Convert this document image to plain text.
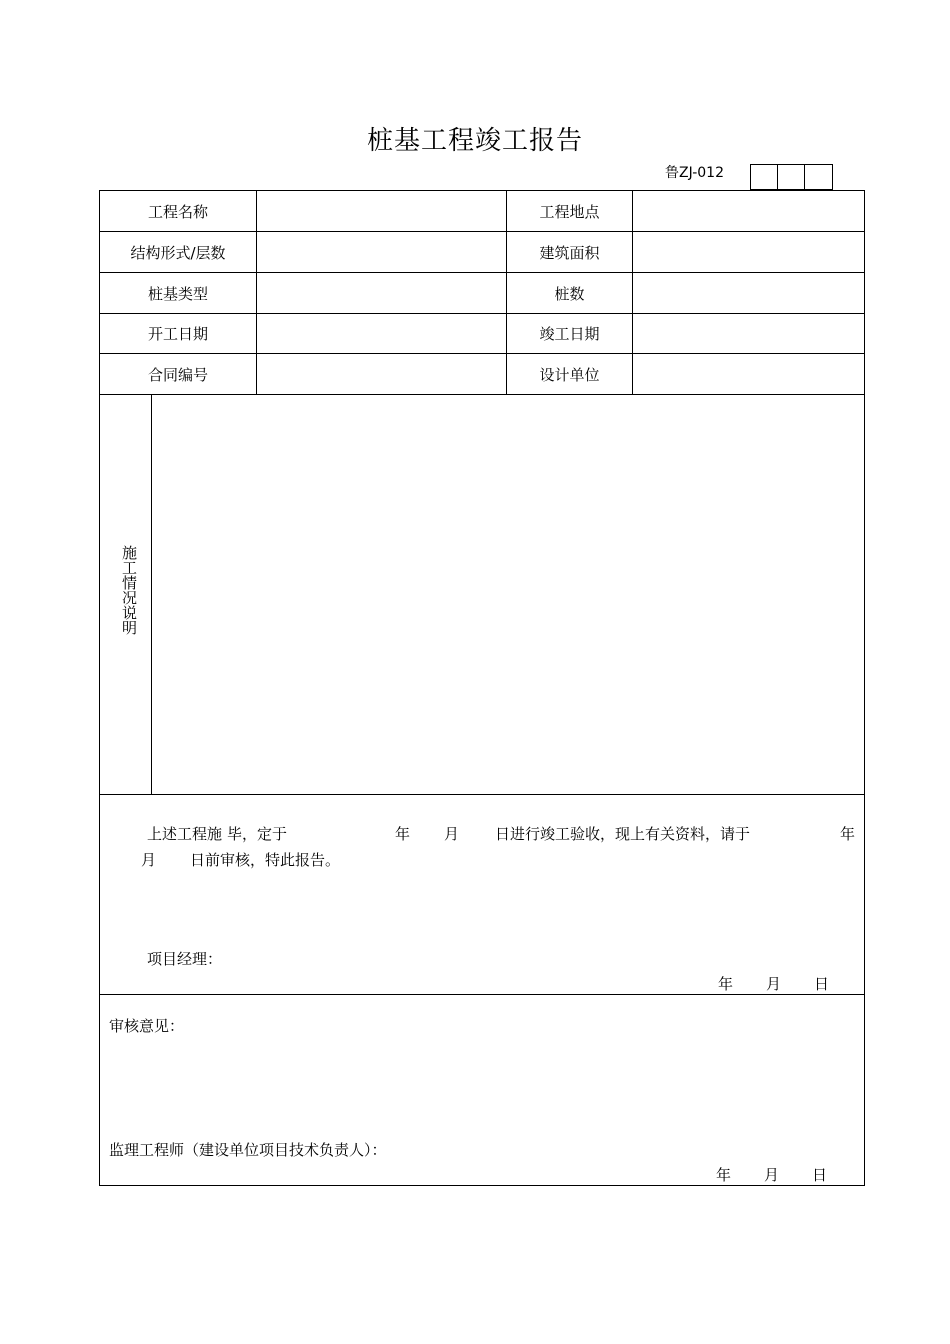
桩基工程竣工报告
鲁ZJ-012
工程名称	工程地点
结构形式/层数	建筑面积
桩基类型	桩数
开工日期	竣工日期
合同编号	设计单位
施工情况说明
上述工程施 毕，定于	年 月 日进行竣工验收，现上有关资料，请于	年
月 日前审核，特此报告。
项目经理：
年 月 日
审核意见：
监理工程师（建设单位项目技术负责人）：
年 月 日
